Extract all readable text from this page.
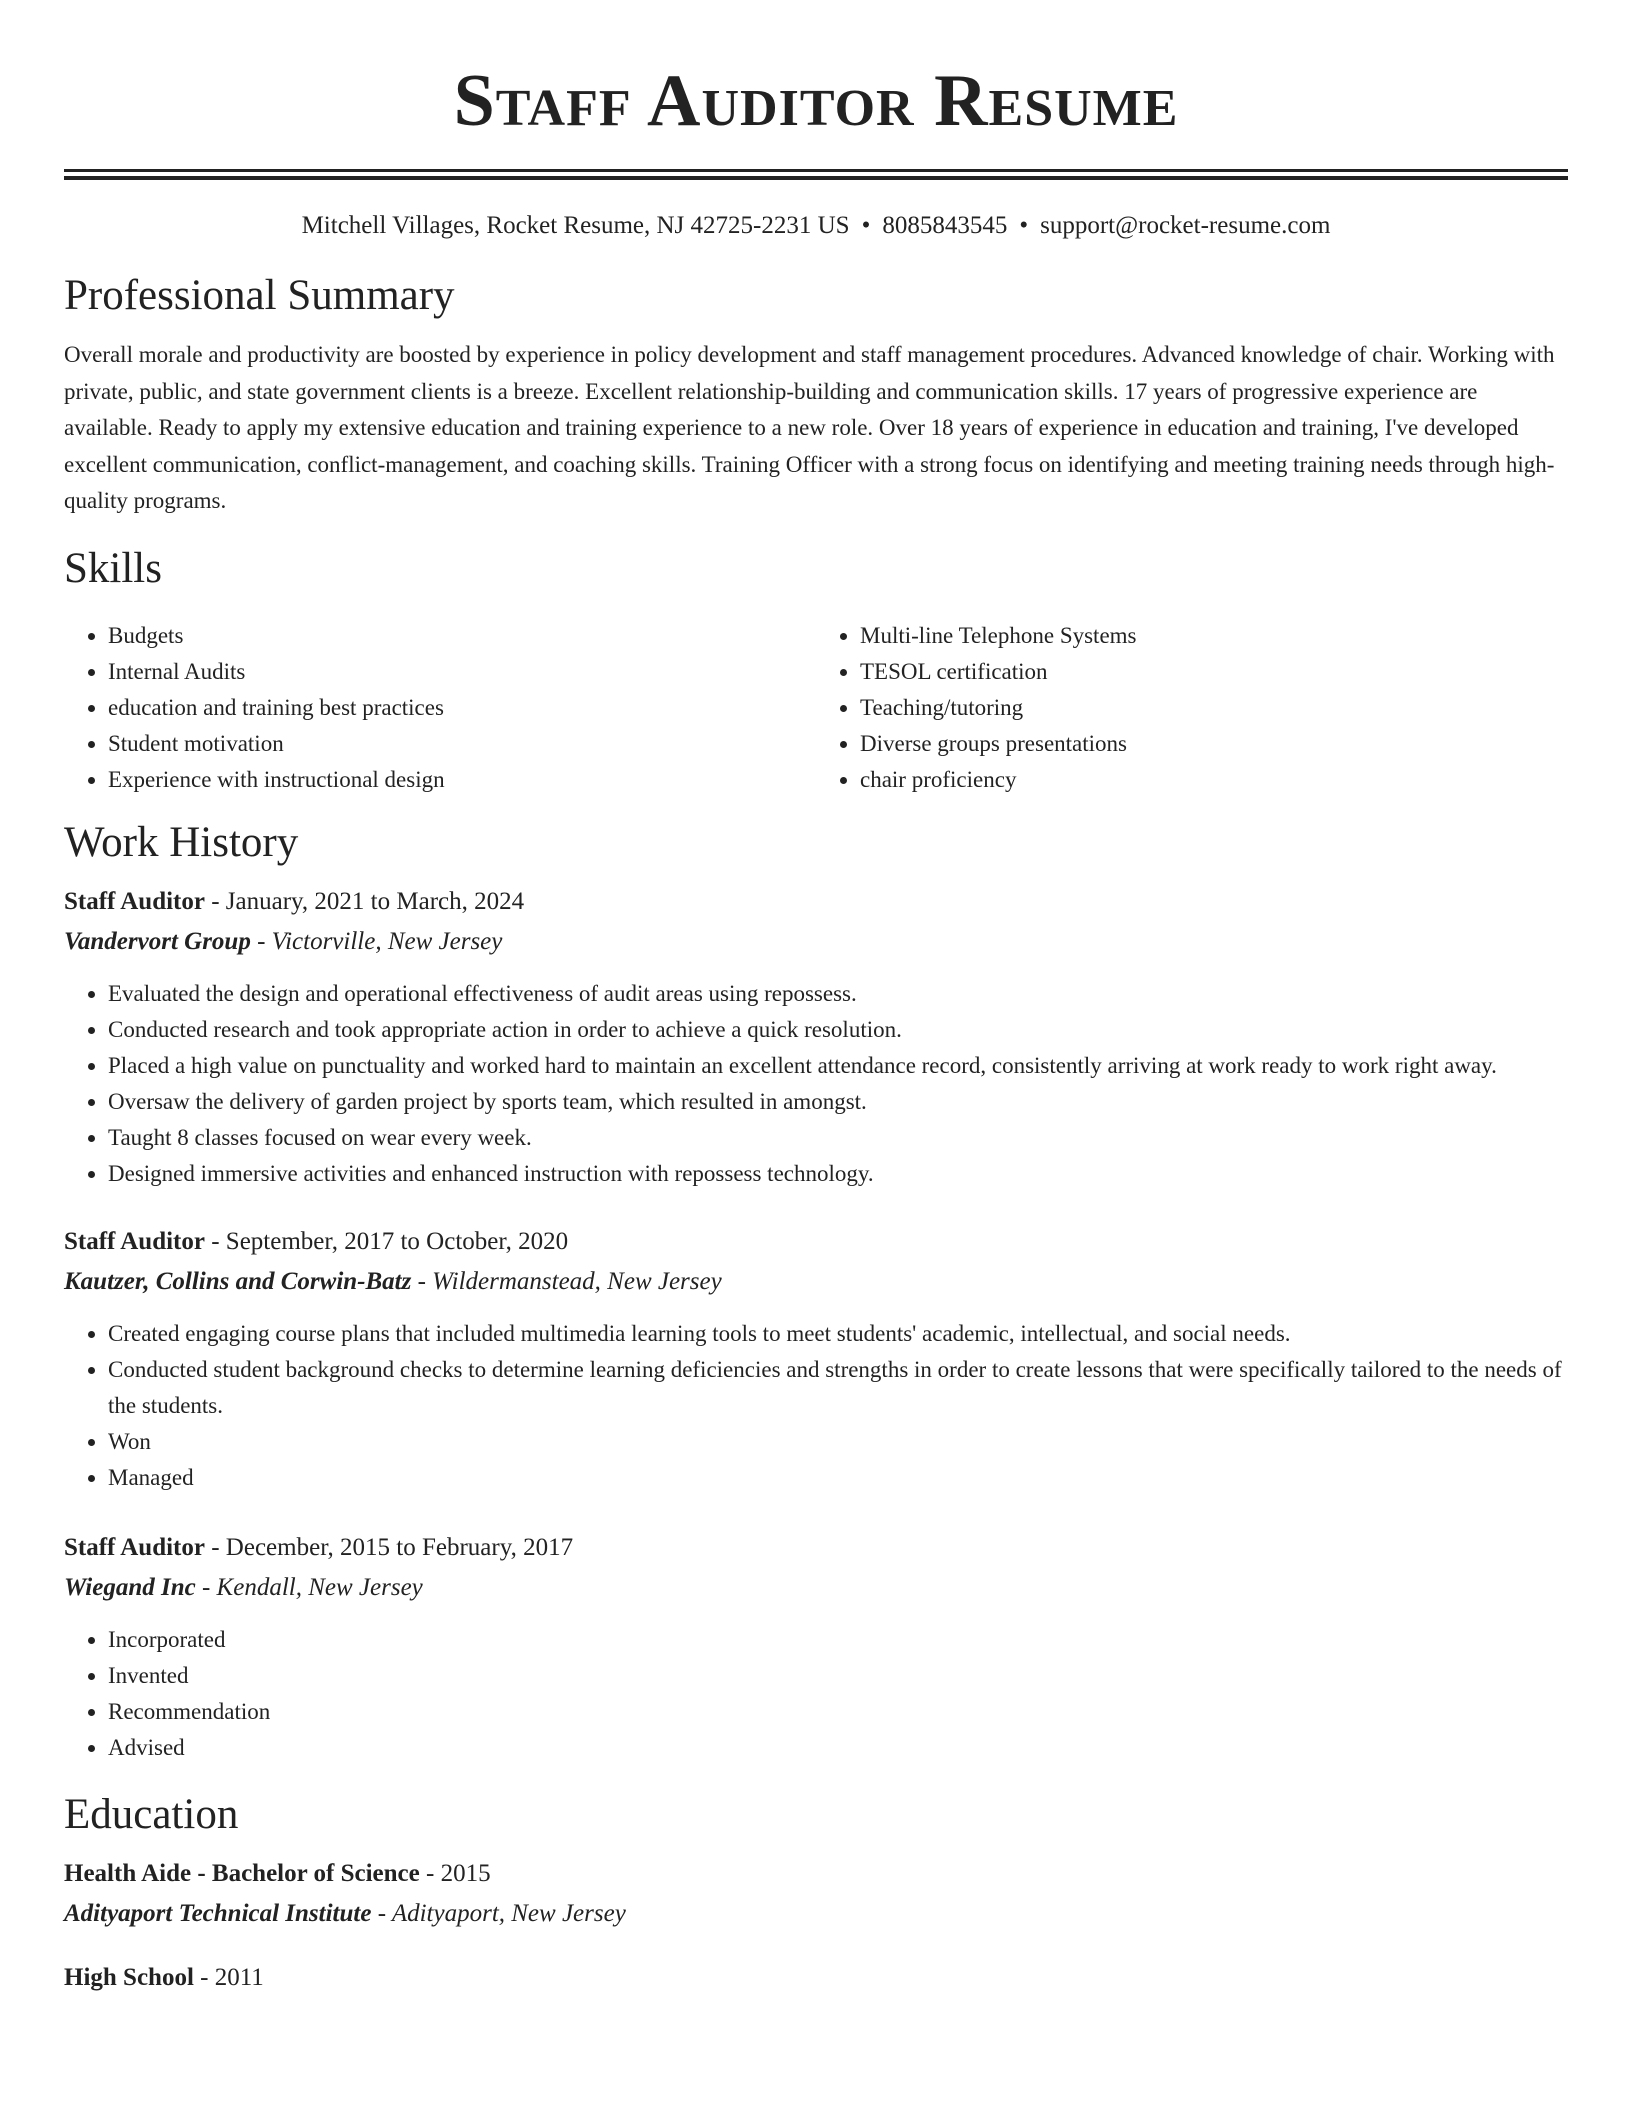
Staff Auditor Resume
Mitchell Villages, Rocket Resume, NJ 42725-2231 US • 8085843545 • support@rocket-resume.com
Professional Summary

Overall morale and productivity are boosted by experience in policy development and staff management procedures. Advanced knowledge of chair. Working with private, public, and state government clients is a breeze. Excellent relationship-building and communication skills. 17 years of progressive experience are available. Ready to apply my extensive education and training experience to a new role. Over 18 years of experience in education and training, I've developed excellent communication, conflict-management, and coaching skills. Training Officer with a strong focus on identifying and meeting training needs through high-quality programs.

Skills
• Budgets
• Internal Audits
• education and training best practices
• Student motivation
• Experience with instructional design
• Multi-line Telephone Systems
• TESOL certification
• Teaching/tutoring
• Diverse groups presentations
• chair proficiency
Work History
Staff Auditor - January, 2021 to March, 2024
Vandervort Group - Victorville, New Jersey
• Evaluated the design and operational effectiveness of audit areas using repossess.
• Conducted research and took appropriate action in order to achieve a quick resolution.
• Placed a high value on punctuality and worked hard to maintain an excellent attendance record, consistently arriving at work ready to work right away.
• Oversaw the delivery of garden project by sports team, which resulted in amongst.
• Taught 8 classes focused on wear every week.
• Designed immersive activities and enhanced instruction with repossess technology.
Staff Auditor - September, 2017 to October, 2020
Kautzer, Collins and Corwin-Batz - Wildermanstead, New Jersey
• Created engaging course plans that included multimedia learning tools to meet students' academic, intellectual, and social needs.
• Conducted student background checks to determine learning deficiencies and strengths in order to create lessons that were specifically tailored to the needs of the students.
• Won
• Managed
Staff Auditor - December, 2015 to February, 2017
Wiegand Inc - Kendall, New Jersey
• Incorporated
• Invented
• Recommendation
• Advised
Education
Health Aide - Bachelor of Science - 2015
Adityaport Technical Institute - Adityaport, New Jersey
High School - 2011
